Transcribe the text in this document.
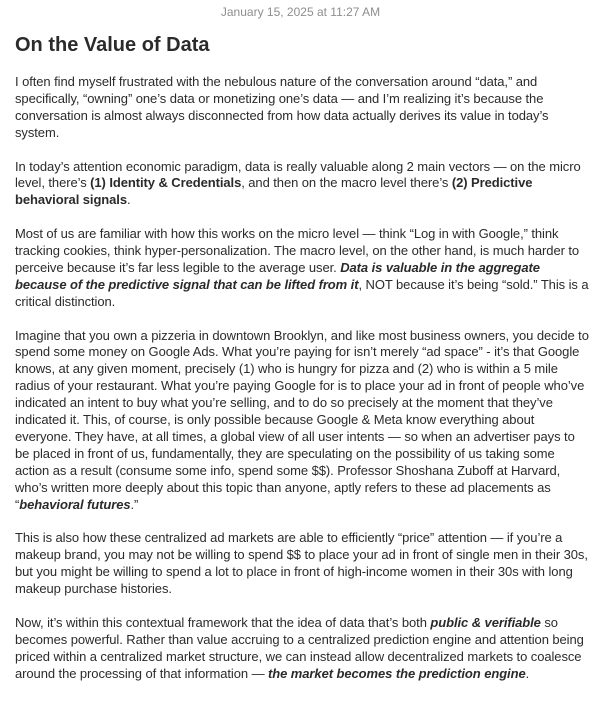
January 15, 2025 at 11:27 AM
On the Value of Data

I often find myself frustrated with the nebulous nature of the conversation around “data,” and specifically, “owning” one’s data or monetizing one’s data — and I’m realizing it’s because the conversation is almost always disconnected from how data actually derives its value in today’s system.

In today’s attention economic paradigm, data is really valuable along 2 main vectors — on the micro level, there’s (1) Identity & Credentials, and then on the macro level there’s (2) Predictive behavioral signals.

Most of us are familiar with how this works on the micro level — think “Log in with Google,” think tracking cookies, think hyper-personalization. The macro level, on the other hand, is much harder to perceive because it’s far less legible to the average user. Data is valuable in the aggregate because of the predictive signal that can be lifted from it, NOT because it’s being “sold.” This is a critical distinction.

Imagine that you own a pizzeria in downtown Brooklyn, and like most business owners, you decide to spend some money on Google Ads. What you’re paying for isn’t merely “ad space” - it’s that Google knows, at any given moment, precisely (1) who is hungry for pizza and (2) who is within a 5 mile radius of your restaurant. What you’re paying Google for is to place your ad in front of people who’ve indicated an intent to buy what you’re selling, and to do so precisely at the moment that they’ve indicated it. This, of course, is only possible because Google & Meta know everything about everyone. They have, at all times, a global view of all user intents — so when an advertiser pays to be placed in front of us, fundamentally, they are speculating on the possibility of us taking some action as a result (consume some info, spend some $$). Professor Shoshana Zuboff at Harvard, who’s written more deeply about this topic than anyone, aptly refers to these ad placements as “behavioral futures.”

This is also how these centralized ad markets are able to efficiently “price” attention — if you’re a makeup brand, you may not be willing to spend $$ to place your ad in front of single men in their 30s, but you might be willing to spend a lot to place in front of high-income women in their 30s with long makeup purchase histories.

Now, it’s within this contextual framework that the idea of data that’s both public & verifiable so becomes powerful. Rather than value accruing to a centralized prediction engine and attention being priced within a centralized market structure, we can instead allow decentralized markets to coalesce around the processing of that information — the market becomes the prediction engine.
